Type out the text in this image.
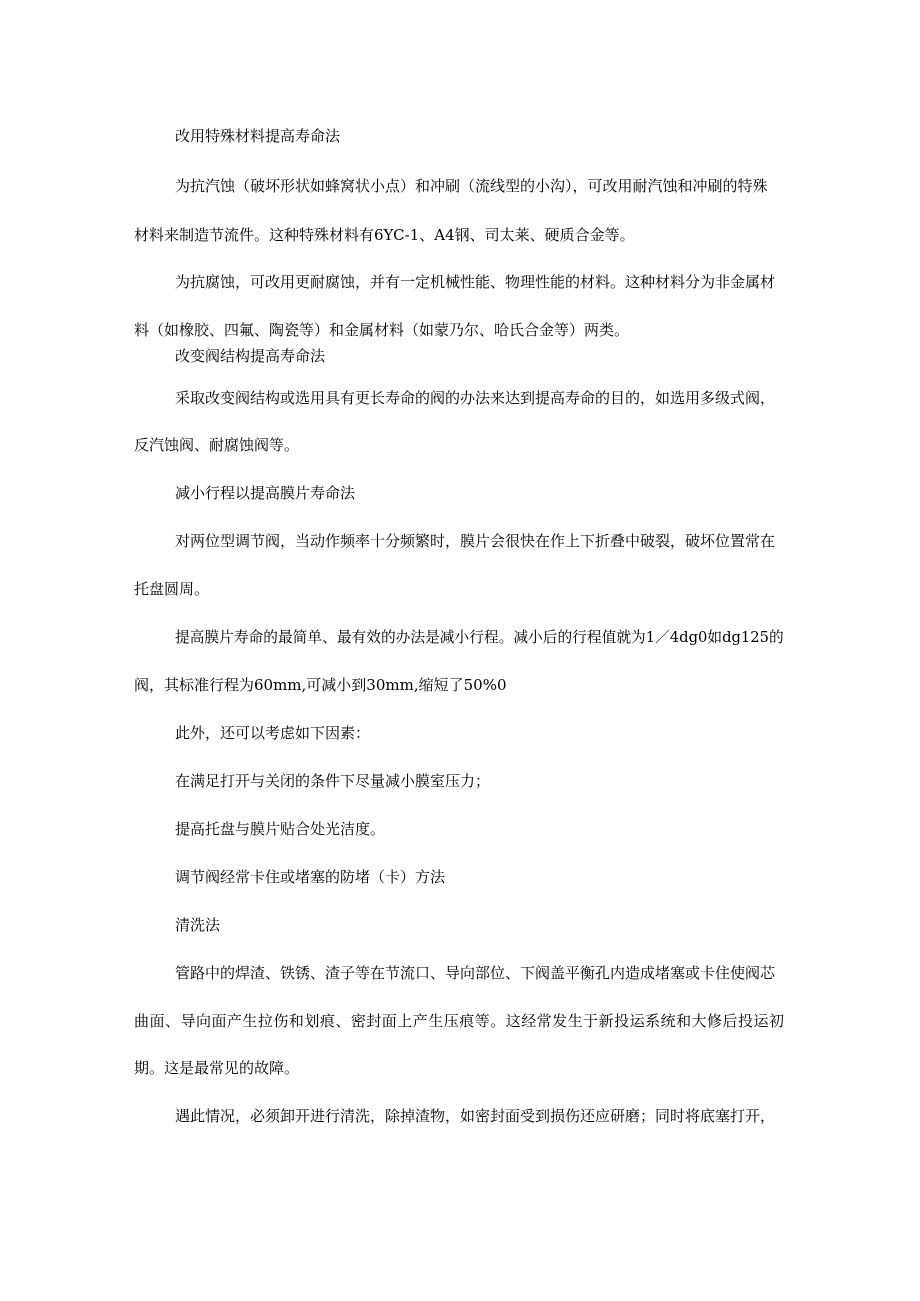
改用特殊材料提高寿命法
为抗汽蚀（破坏形状如蜂窝状小点）和冲刷（流线型的小沟），可改用耐汽蚀和冲刷的特殊
材料来制造节流件。这种特殊材料有6YC-1、A4钢、司太莱、硬质合金等。
为抗腐蚀，可改用更耐腐蚀，并有一定机械性能、物理性能的材料。这种材料分为非金属材
料（如橡胶、四氟、陶瓷等）和金属材料（如蒙乃尔、哈氏合金等）两类。
改变阀结构提高寿命法
采取改变阀结构或选用具有更长寿命的阀的办法来达到提高寿命的目的，如选用多级式阀，
反汽蚀阀、耐腐蚀阀等。
减小行程以提高膜片寿命法
对两位型调节阀，当动作频率十分频繁时，膜片会很快在作上下折叠中破裂，破坏位置常在
托盘圆周。
提高膜片寿命的最简单、最有效的办法是减小行程。减小后的行程值就为1／4dg0如dg125的
阀，其标准行程为60mm,可减小到30mm,缩短了50%0
此外，还可以考虑如下因素：
在满足打开与关闭的条件下尽量减小膜室压力；
提高托盘与膜片贴合处光洁度。
调节阀经常卡住或堵塞的防堵（卡）方法
清洗法
管路中的焊渣、铁锈、渣子等在节流口、导向部位、下阀盖平衡孔内造成堵塞或卡住使阀芯
曲面、导向面产生拉伤和划痕、密封面上产生压痕等。这经常发生于新投运系统和大修后投运初
期。这是最常见的故障。
遇此情况，必须卸开进行清洗，除掉渣物，如密封面受到损伤还应研磨；同时将底塞打开，
